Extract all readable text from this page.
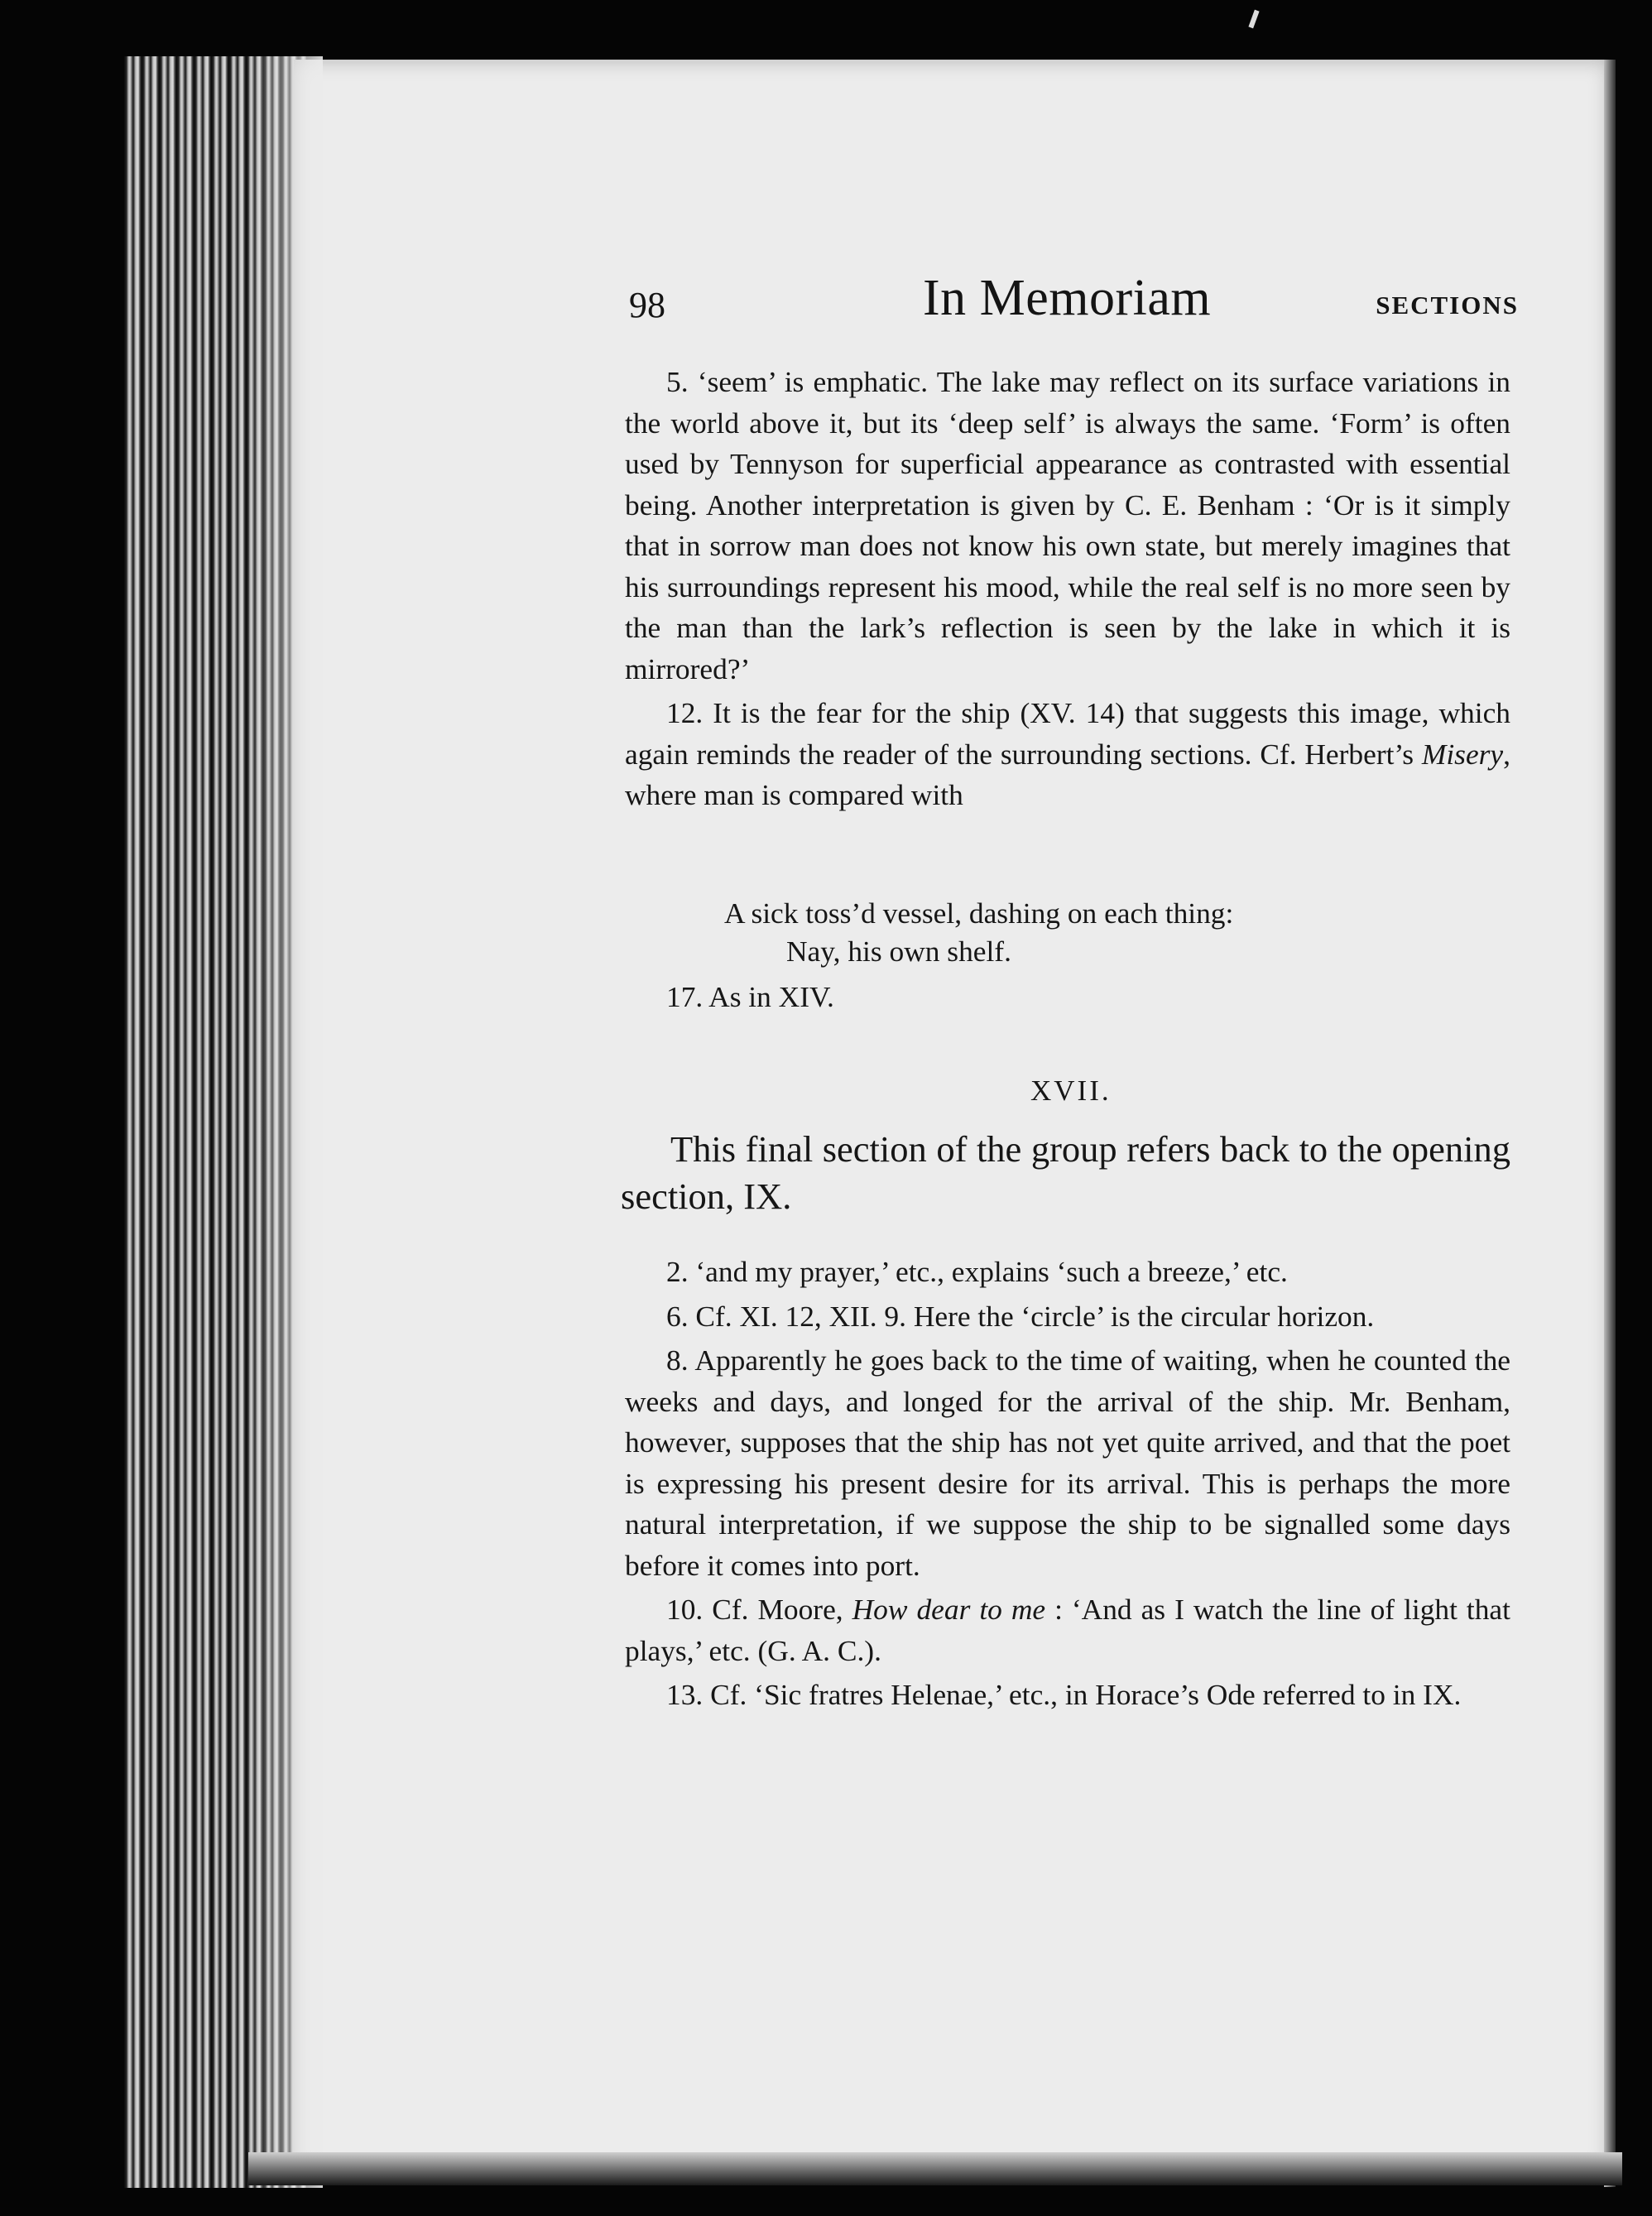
98	In Memoriam	SECTIONS

5. ‘seem’ is emphatic. The lake may reflect on its surface variations in the world above it, but its ‘deep self’ is always the same. ‘Form’ is often used by Tennyson for superficial appearance as contrasted with essential being. Another interpretation is given by C. E. Benham : ‘Or is it simply that in sorrow man does not know his own state, but merely imagines that his surroundings represent his mood, while the real self is no more seen by the man than the lark’s reflection is seen by the lake in which it is mirrored?’

12. It is the fear for the ship (XV. 14) that suggests this image, which again reminds the reader of the surrounding sections. Cf. Herbert’s Misery, where man is compared with

A sick toss’d vessel, dashing on each thing:
Nay, his own shelf.

17. As in XIV.

XVII.

This final section of the group refers back to the opening section, IX.

2. ‘and my prayer,’ etc., explains ‘such a breeze,’ etc.

6. Cf. XI. 12, XII. 9. Here the ‘circle’ is the circular horizon.

8. Apparently he goes back to the time of waiting, when he counted the weeks and days, and longed for the arrival of the ship. Mr. Benham, however, supposes that the ship has not yet quite arrived, and that the poet is expressing his present desire for its arrival. This is perhaps the more natural interpretation, if we suppose the ship to be signalled some days before it comes into port.

10. Cf. Moore, How dear to me : ‘And as I watch the line of light that plays,’ etc. (G. A. C.).

13. Cf. ‘Sic fratres Helenae,’ etc., in Horace’s Ode referred to in IX.
